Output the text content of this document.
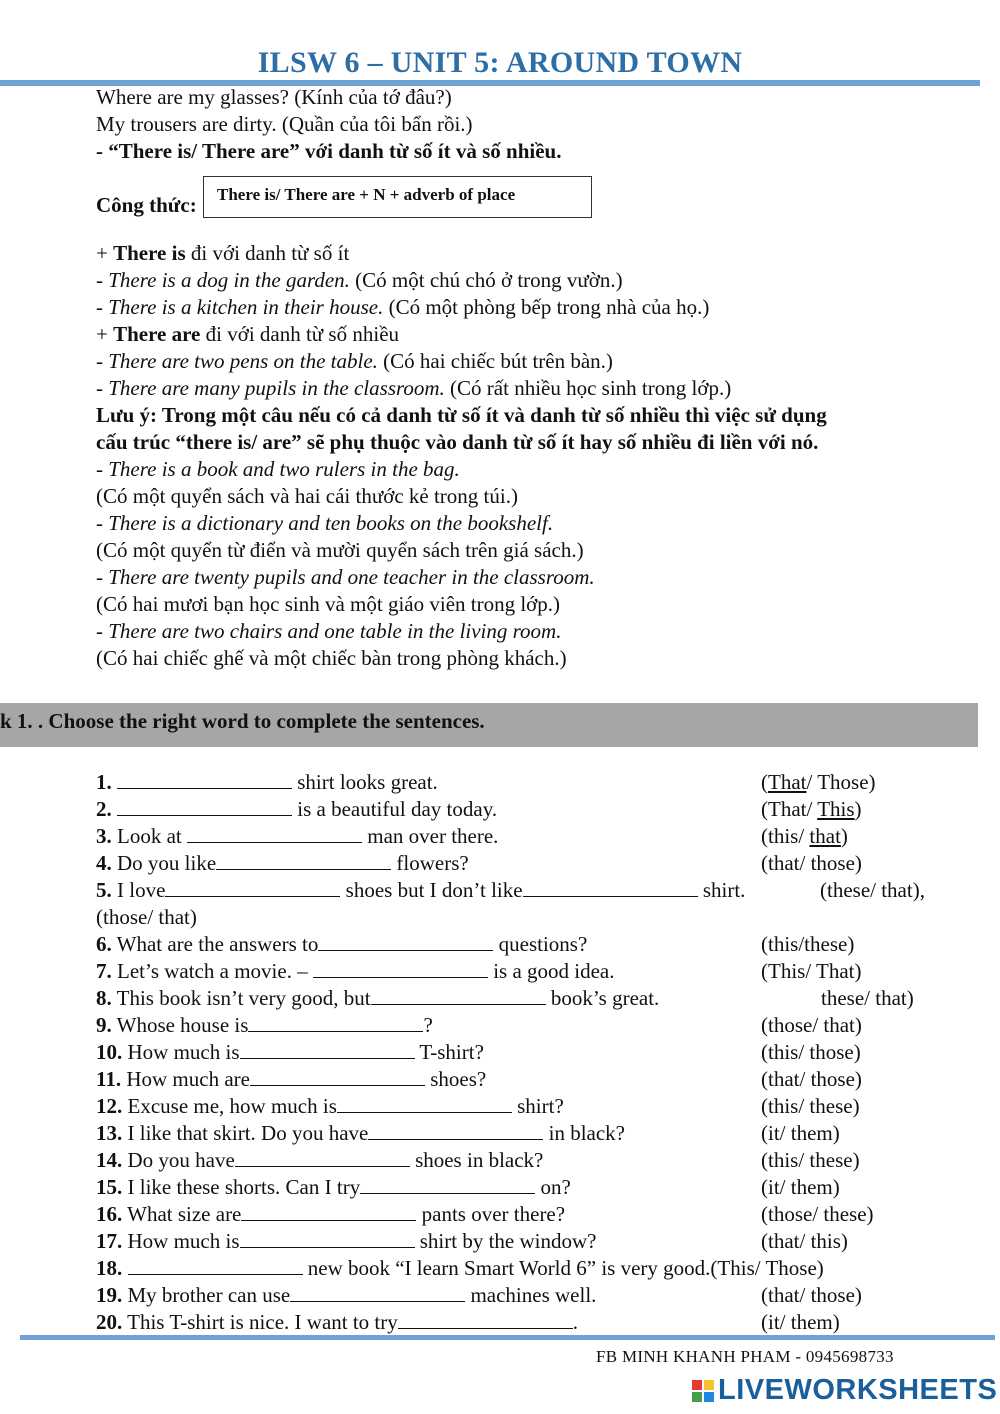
ILSW 6 – UNIT 5: AROUND TOWN
Where are my glasses? (Kính của tớ đâu?)
My trousers are dirty. (Quần của tôi bẩn rồi.)
- “There is/ There are” với danh từ số ít và số nhiều.
Công thức:	There is/ There are + N + adverb of place
+ There is đi với danh từ số ít
- There is a dog in the garden. (Có một chú chó ở trong vườn.)
- There is a kitchen in their house. (Có một phòng bếp trong nhà của họ.)
+ There are đi với danh từ số nhiều
- There are two pens on the table. (Có hai chiếc bút trên bàn.)
- There are many pupils in the classroom. (Có rất nhiều học sinh trong lớp.)
Lưu ý: Trong một câu nếu có cả danh từ số ít và danh từ số nhiều thì việc sử dụng
cấu trúc “there is/ are” sẽ phụ thuộc vào danh từ số ít hay số nhiều đi liền với nó.
- There is a book and two rulers in the bag.
(Có một quyển sách và hai cái thước kẻ trong túi.)
- There is a dictionary and ten books on the bookshelf.
(Có một quyển từ điển và mười quyển sách trên giá sách.)
- There are twenty pupils and one teacher in the classroom.
(Có hai mươi bạn học sinh và một giáo viên trong lớp.)
- There are two chairs and one table in the living room.
(Có hai chiếc ghế và một chiếc bàn trong phòng khách.)
k 1. . Choose the right word to complete the sentences.
1.	shirt looks great.	(That/ Those)
2.	is a beautiful day today.	(That/ This)
3. Look at	man over there.	(this/ that)
4. Do you like	flowers?	(that/ those)
5. I love	shoes but I don’t like	shirt.	(these/ that),
(those/ that)
6. What are the answers to	questions?	(this/these)
7. Let’s watch a movie. –	is a good idea.	(This/ That)
8. This book isn’t very good, but	book’s great.	these/ that)
9. Whose house is	?	(those/ that)
10. How much is	T-shirt?	(this/ those)
11. How much are	shoes?	(that/ those)
12. Excuse me, how much is	shirt?	(this/ these)
13. I like that skirt. Do you have	in black?	(it/ them)
14. Do you have	shoes in black?	(this/ these)
15. I like these shorts. Can I try	on?	(it/ them)
16. What size are	pants over there?	(those/ these)
17. How much is	shirt by the window?	(that/ this)
18.	new book “I learn Smart World 6” is very good.(This/ Those)
19. My brother can use	machines well.	(that/ those)
20. This T-shirt is nice. I want to try	.	(it/ them)
FB MINH KHANH PHAM - 0945698733
LIVEWORKSHEETS
